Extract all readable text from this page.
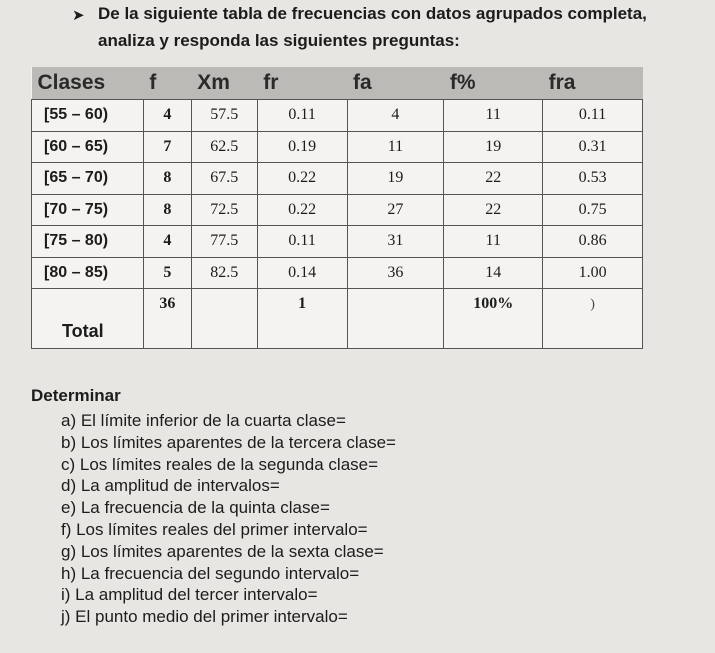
➤ De la siguiente tabla de frecuencias con datos agrupados completa,
analiza y responda las siguientes preguntas:
Clases	f	Xm	fr	fa	f%	fra
[55 – 60)	4	57.5	0.11	4	11	0.11
[60 – 65)	7	62.5	0.19	11	19	0.31
[65 – 70)	8	67.5	0.22	19	22	0.53
[70 – 75)	8	72.5	0.22	27	22	0.75
[75 – 80)	4	77.5	0.11	31	11	0.86
[80 – 85)	5	82.5	0.14	36	14	1.00
Total	36		1		100%	)
Determinar
a) El límite inferior de la cuarta clase=
b) Los límites aparentes de la tercera clase=
c) Los límites reales de la segunda clase=
d) La amplitud de intervalos=
e) La frecuencia de la quinta clase=
f) Los límites reales del primer intervalo=
g) Los límites aparentes de la sexta clase=
h) La frecuencia del segundo intervalo=
i) La amplitud del tercer intervalo=
j) El punto medio del primer intervalo=
